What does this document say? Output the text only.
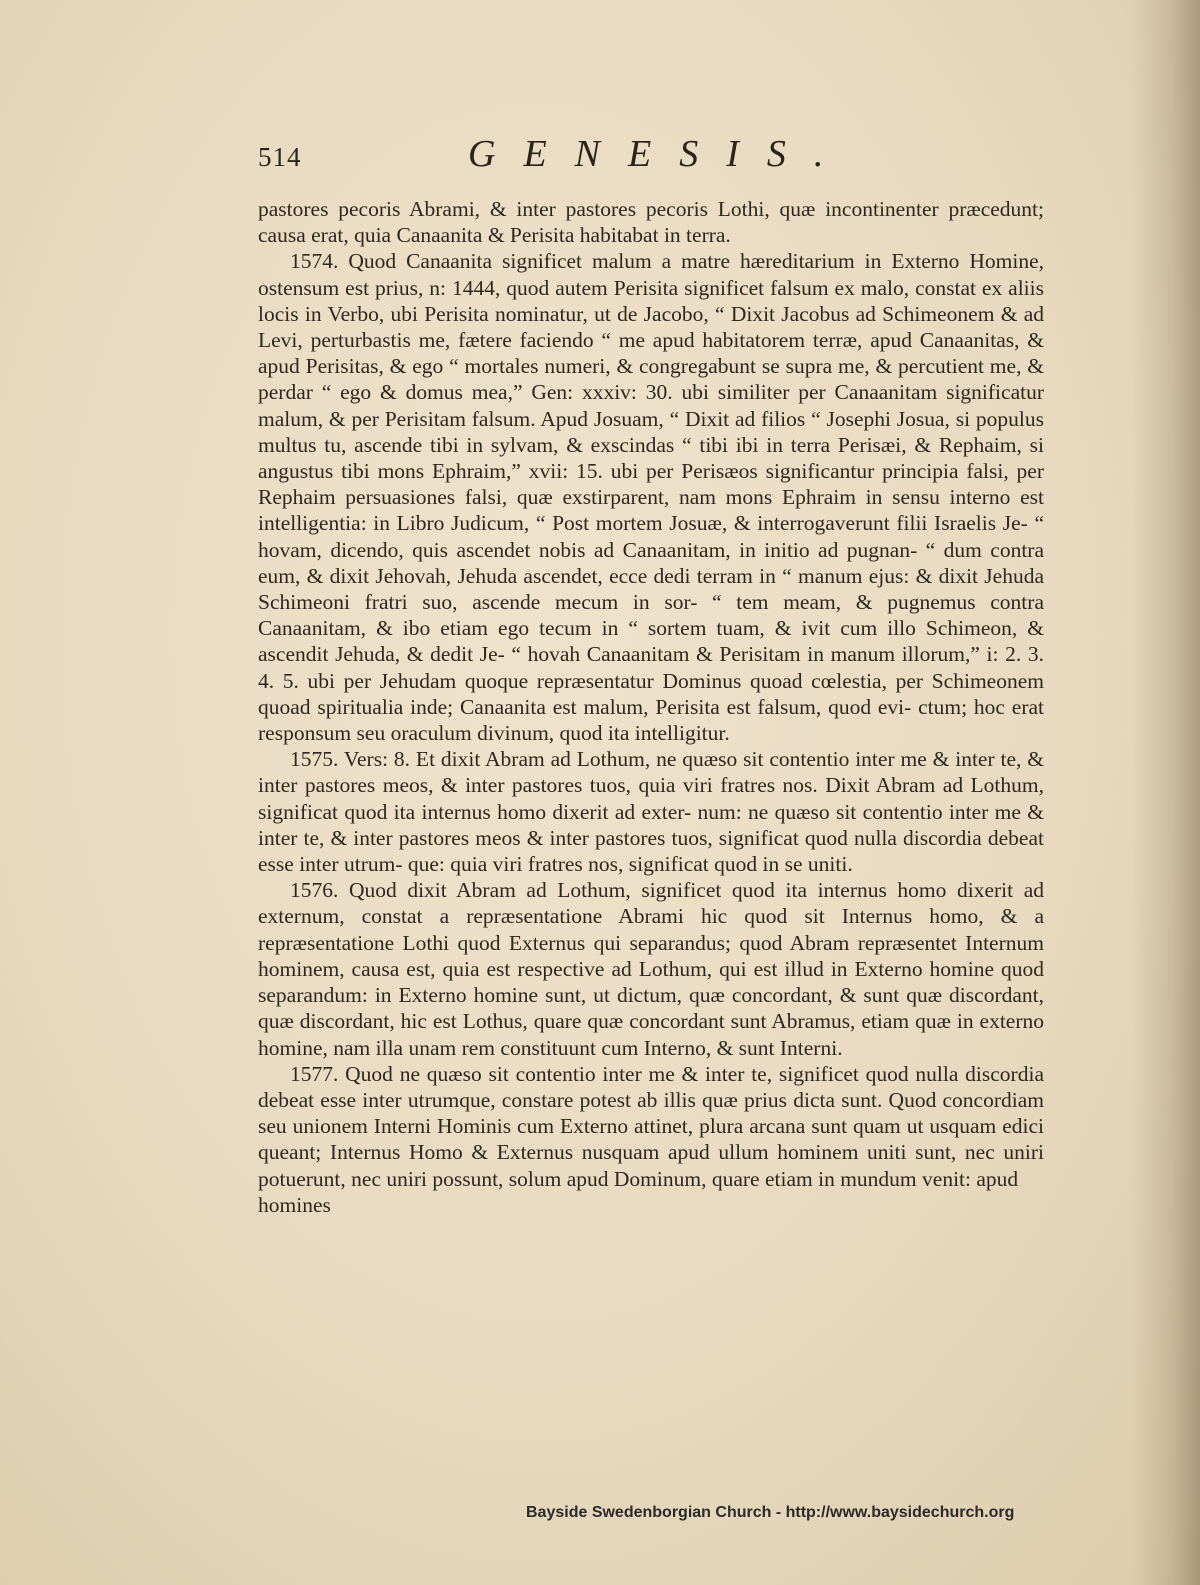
514	GENESIS.

pastores pecoris Abrami, & inter pastores pecoris Lothi, quæ incontinenter præcedunt; causa erat, quia Canaanita & Perisita habitabat in terra.

1574. Quod Canaanita significet malum a matre hæreditarium in Externo Homine, ostensum est prius, n: 1444, quod autem Perisita significet falsum ex malo, constat ex aliis locis in Verbo, ubi Perisita nominatur, ut de Jacobo, “ Dixit Jacobus ad Schimeonem & ad Levi, perturbastis me, fætere faciendo “ me apud habitatorem terræ, apud Canaanitas, & apud Perisitas, & ego “ mortales numeri, & congregabunt se supra me, & percutient me, & perdar “ ego & domus mea,” Gen: xxxiv: 30. ubi similiter per Canaanitam significatur malum, & per Perisitam falsum. Apud Josuam, “ Dixit ad filios “ Josephi Josua, si populus multus tu, ascende tibi in sylvam, & exscindas “ tibi ibi in terra Perisæi, & Rephaim, si angustus tibi mons Ephraim,” xvii: 15. ubi per Perisæos significantur principia falsi, per Rephaim persuasiones falsi, quæ exstirparent, nam mons Ephraim in sensu interno est intelligentia: in Libro Judicum, “ Post mortem Josuæ, & interrogaverunt filii Israelis Je- “ hovam, dicendo, quis ascendet nobis ad Canaanitam, in initio ad pugnan- “ dum contra eum, & dixit Jehovah, Jehuda ascendet, ecce dedi terram in “ manum ejus: & dixit Jehuda Schimeoni fratri suo, ascende mecum in sor- “ tem meam, & pugnemus contra Canaanitam, & ibo etiam ego tecum in “ sortem tuam, & ivit cum illo Schimeon, & ascendit Jehuda, & dedit Je- “ hovah Canaanitam & Perisitam in manum illorum,” i: 2. 3. 4. 5. ubi per Jehudam quoque repræsentatur Dominus quoad cœlestia, per Schimeonem quoad spiritualia inde; Canaanita est malum, Perisita est falsum, quod evi- ctum; hoc erat responsum seu oraculum divinum, quod ita intelligitur.

1575. Vers: 8. Et dixit Abram ad Lothum, ne quæso sit contentio inter me & inter te, & inter pastores meos, & inter pastores tuos, quia viri fratres nos. Dixit Abram ad Lothum, significat quod ita internus homo dixerit ad exter- num: ne quæso sit contentio inter me & inter te, & inter pastores meos & inter pastores tuos, significat quod nulla discordia debeat esse inter utrum- que: quia viri fratres nos, significat quod in se uniti.

1576. Quod dixit Abram ad Lothum, significet quod ita internus homo dixerit ad externum, constat a repræsentatione Abrami hic quod sit Internus homo, & a repræsentatione Lothi quod Externus qui separandus; quod Abram repræsentet Internum hominem, causa est, quia est respective ad Lothum, qui est illud in Externo homine quod separandum: in Externo homine sunt, ut dictum, quæ concordant, & sunt quæ discordant, quæ discordant, hic est Lothus, quare quæ concordant sunt Abramus, etiam quæ in externo homine, nam illa unam rem constituunt cum Interno, & sunt Interni.

1577. Quod ne quæso sit contentio inter me & inter te, significet quod nulla discordia debeat esse inter utrumque, constare potest ab illis quæ prius dicta sunt. Quod concordiam seu unionem Interni Hominis cum Externo attinet, plura arcana sunt quam ut usquam edici queant; Internus Homo & Externus nusquam apud ullum hominem uniti sunt, nec uniri potuerunt, nec uniri possunt, solum apud Dominum, quare etiam in mundum venit: apud

homines

Bayside Swedenborgian Church - http://www.baysidechurch.org
